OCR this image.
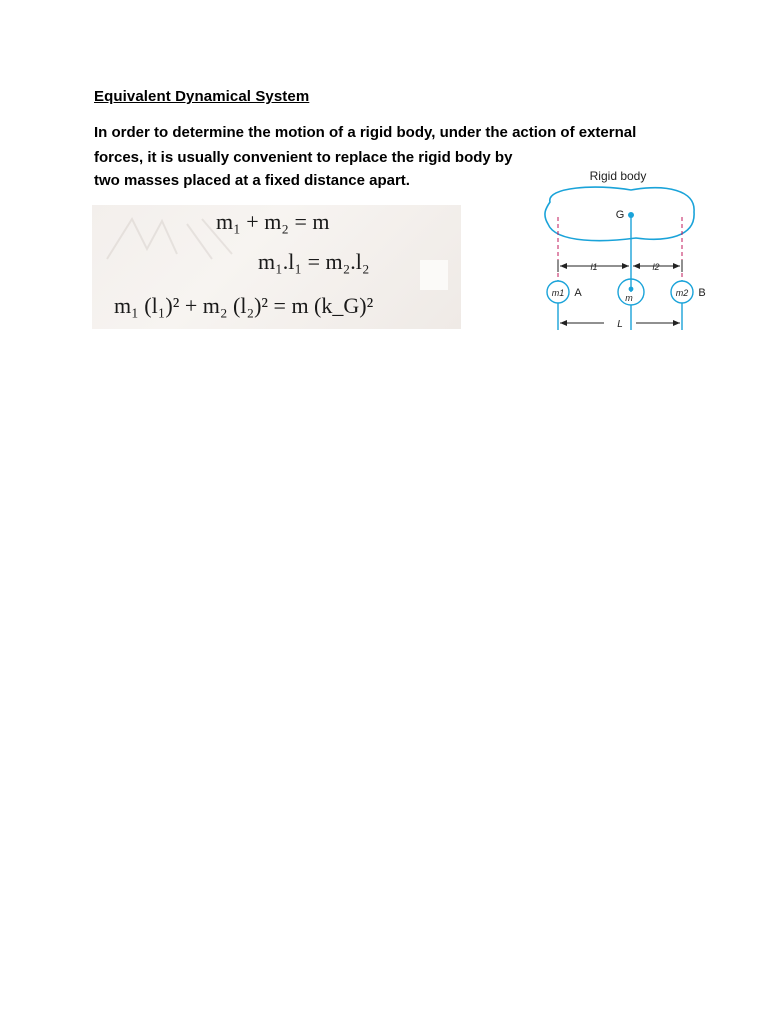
Equivalent Dynamical System
In order to determine the motion of a rigid body, under the action of external
forces, it is usually convenient to replace the rigid body by
two masses placed at a fixed distance apart.
m₁ + m₂ = m
m₁.l₁ = m₂.l₂
m₁ (l₁)² + m₂ (l₂)² = m (k_G)²
Rigid body
G
l1	l2
m1 A	m	m2 B
L
